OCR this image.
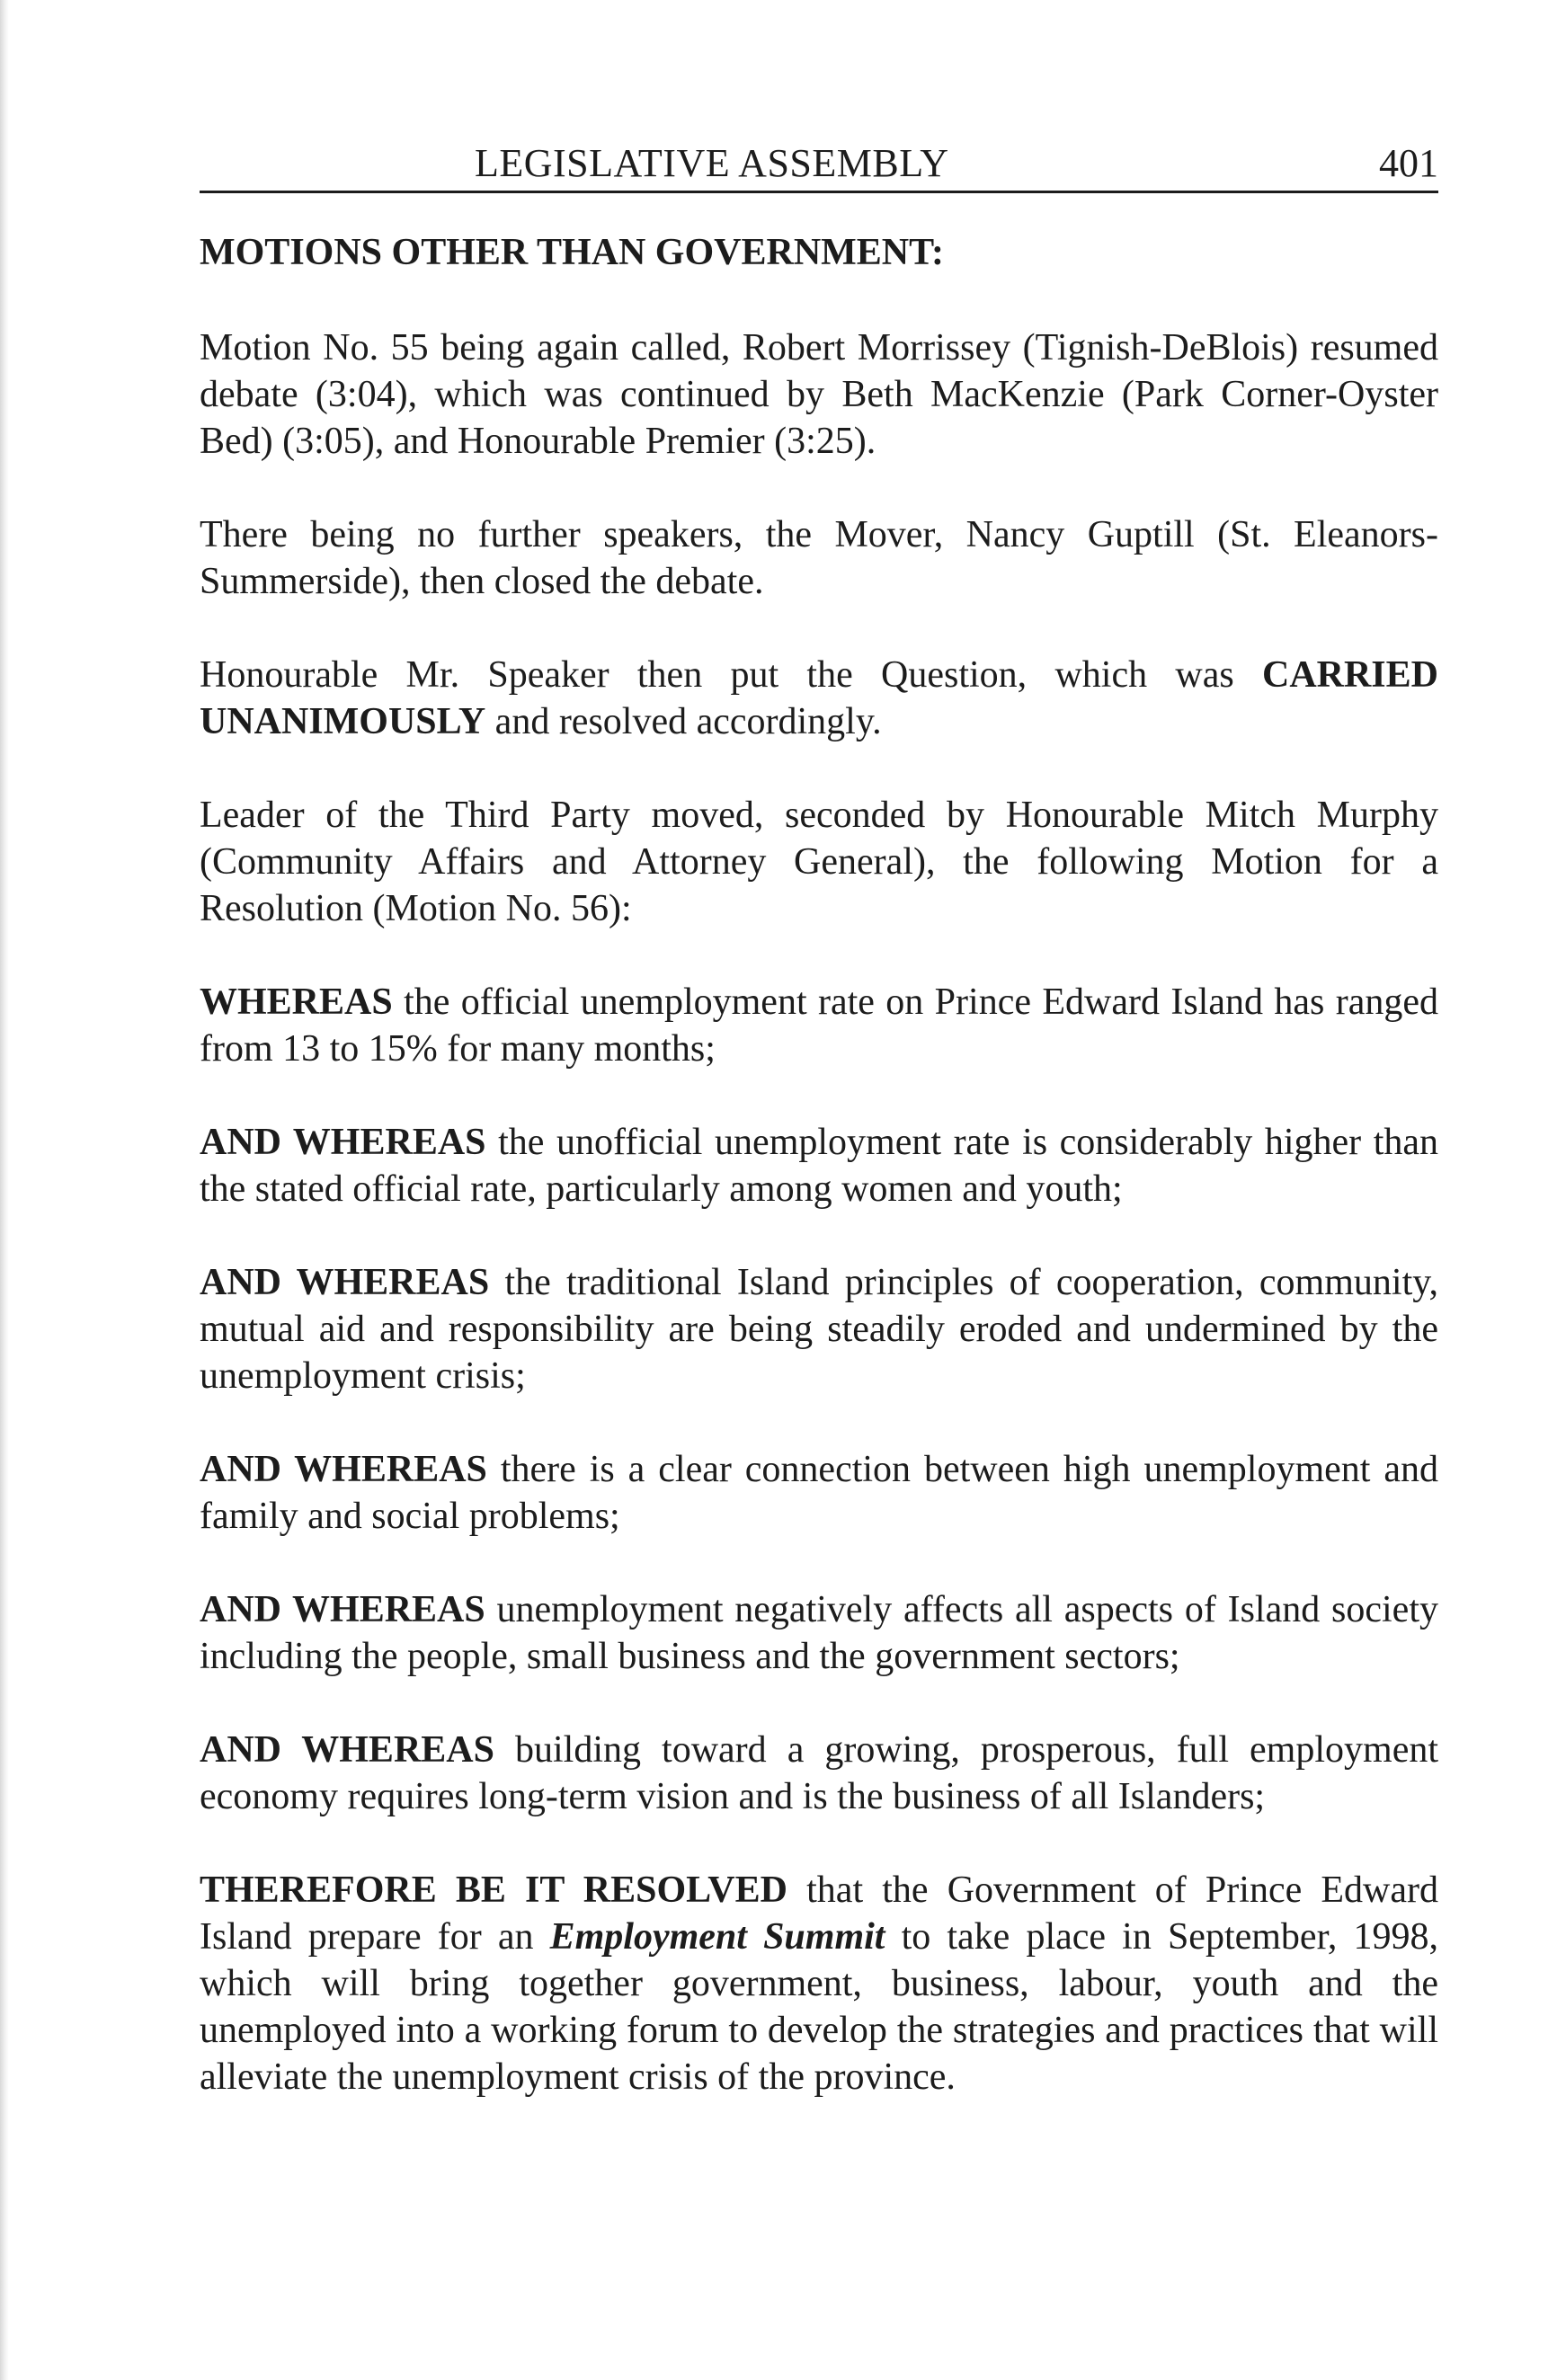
LEGISLATIVE ASSEMBLY	401
MOTIONS OTHER THAN GOVERNMENT:

Motion No. 55 being again called, Robert Morrissey (Tignish-DeBlois) resumed debate (3:04), which was continued by Beth MacKenzie (Park Corner-Oyster Bed) (3:05), and Honourable Premier (3:25).

There being no further speakers, the Mover, Nancy Guptill (St. Eleanors-Summerside), then closed the debate.

Honourable Mr. Speaker then put the Question, which was CARRIED UNANIMOUSLY and resolved accordingly.

Leader of the Third Party moved, seconded by Honourable Mitch Murphy (Community Affairs and Attorney General), the following Motion for a Resolution (Motion No. 56):

WHEREAS the official unemployment rate on Prince Edward Island has ranged from 13 to 15% for many months;

AND WHEREAS the unofficial unemployment rate is considerably higher than the stated official rate, particularly among women and youth;

AND WHEREAS the traditional Island principles of cooperation, community, mutual aid and responsibility are being steadily eroded and undermined by the unemployment crisis;

AND WHEREAS there is a clear connection between high unemployment and family and social problems;

AND WHEREAS unemployment negatively affects all aspects of Island society including the people, small business and the government sectors;

AND WHEREAS building toward a growing, prosperous, full employment economy requires long-term vision and is the business of all Islanders;

THEREFORE BE IT RESOLVED that the Government of Prince Edward Island prepare for an Employment Summit to take place in September, 1998, which will bring together government, business, labour, youth and the unemployed into a working forum to develop the strategies and practices that will alleviate the unemployment crisis of the province.
